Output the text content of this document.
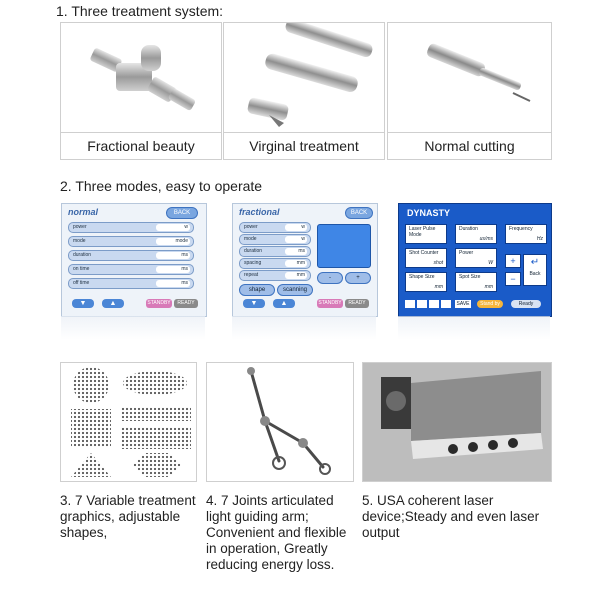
1. Three treatment system:
Fractional beauty	Virginal treatment	Normal cutting
2. Three modes, easy to operate
normal	BACK
power	w
mode	mode
duration	ms
on time	ms
off time	ms
▼	▲	STANDBY	READY
fractional	BACK
power	w
mode	w
duration	ms
spacing	mm
repeat	mm	-	+
shape	scanning
▼	▲	STANDBY	READY
DYNASTY
Laser Pulse Mode
Duration
us/ms
Frequency
Hz
Shot Counter
shot
Power
W
Shape Size
mm
Spot Size
mm
+
−
↵
Back
SAVE	Stand by	Ready
3. 7 Variable treatment graphics, adjustable shapes,
4. 7 Joints articulated light guiding arm; Convenient and flexible in operation, Greatly reducing energy loss.
5. USA coherent laser device;Steady and even laser output
